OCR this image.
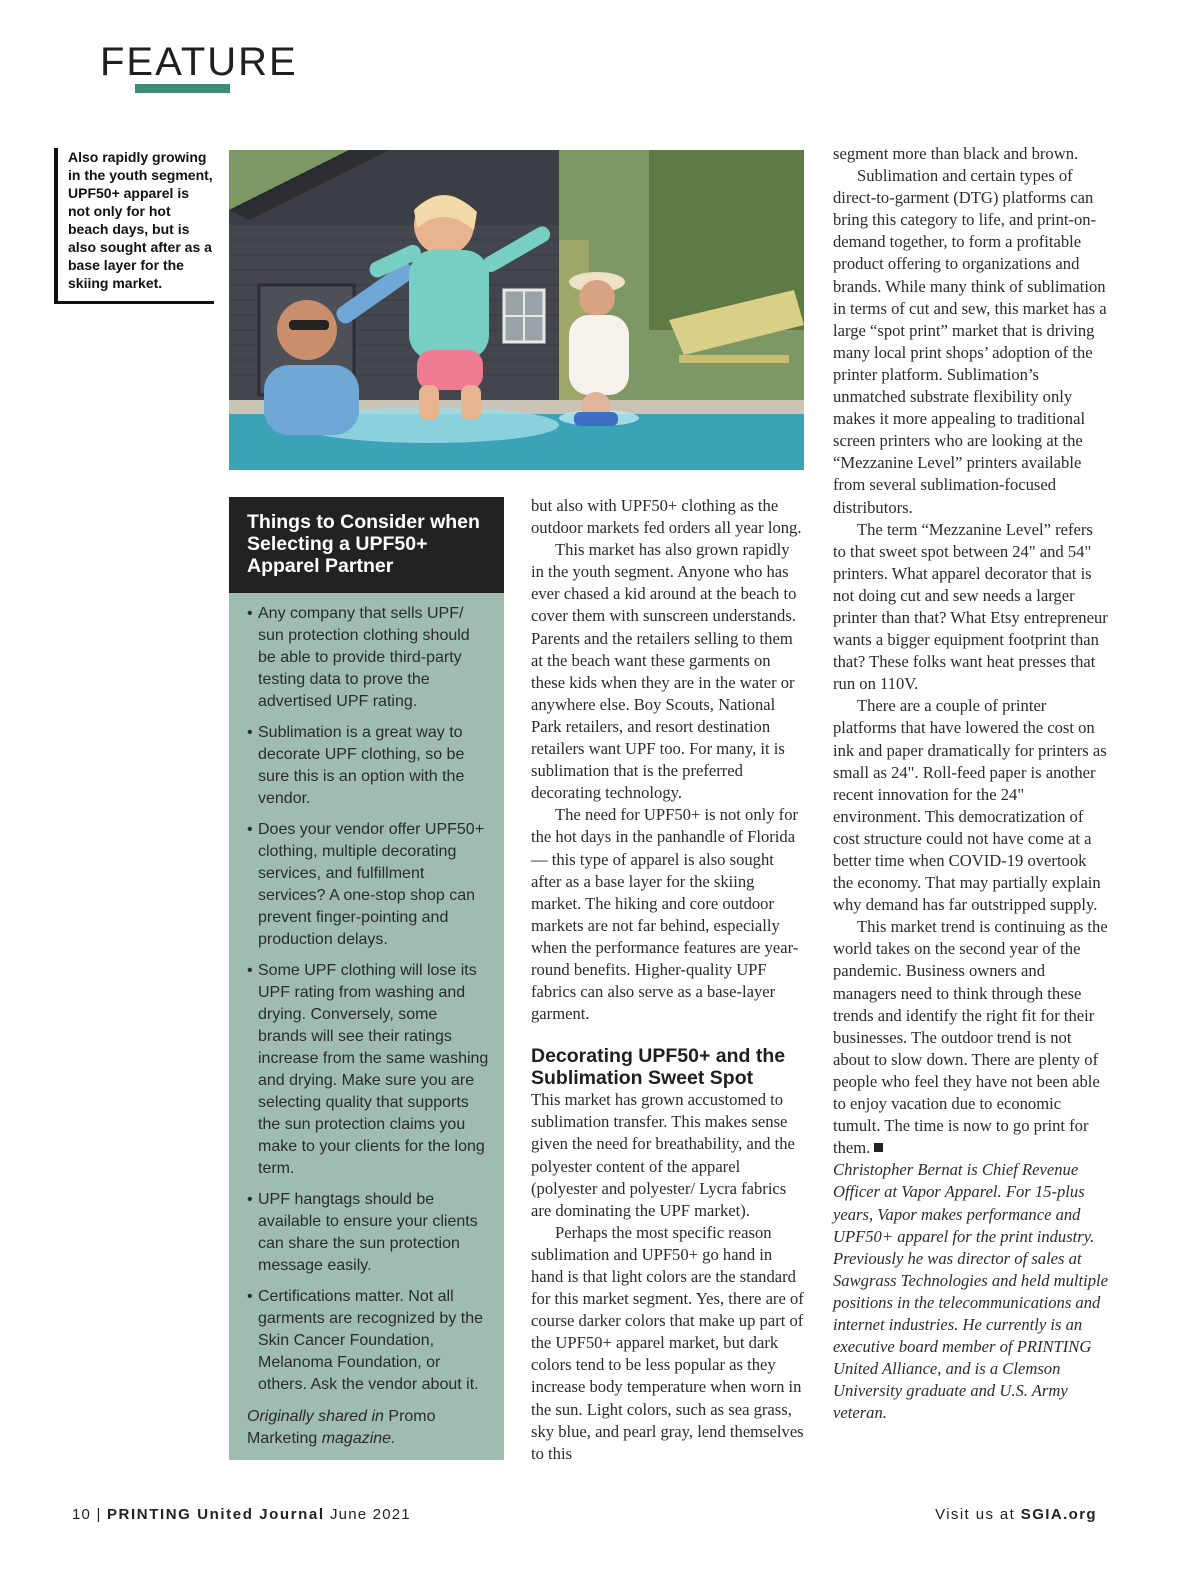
FEATURE
Also rapidly growing in the youth segment, UPF50+ apparel is not only for hot beach days, but is also sought after as a base layer for the skiing market.
Things to Consider when Selecting a UPF50+ Apparel Partner
• Any company that sells UPF/ sun protection clothing should be able to provide third-party testing data to prove the advertised UPF rating.
• Sublimation is a great way to decorate UPF clothing, so be sure this is an option with the vendor.
• Does your vendor offer UPF50+ clothing, multiple decorating services, and fulfillment services? A one-stop shop can prevent finger-pointing and production delays.
• Some UPF clothing will lose its UPF rating from washing and drying. Conversely, some brands will see their ratings increase from the same washing and drying. Make sure you are selecting quality that supports the sun protection claims you make to your clients for the long term.
• UPF hangtags should be available to ensure your clients can share the sun protection message easily.
• Certifications matter. Not all garments are recognized by the Skin Cancer Foundation, Melanoma Foundation, or others. Ask the vendor about it.
Originally shared in Promo Marketing magazine.

but also with UPF50+ clothing as the outdoor markets fed orders all year long.

This market has also grown rapidly in the youth segment. Anyone who has ever chased a kid around at the beach to cover them with sunscreen understands. Parents and the retailers selling to them at the beach want these garments on these kids when they are in the water or anywhere else. Boy Scouts, National Park retailers, and resort destination retailers want UPF too. For many, it is sublimation that is the preferred decorating technology.

The need for UPF50+ is not only for the hot days in the panhandle of Florida — this type of apparel is also sought after as a base layer for the skiing market. The hiking and core outdoor markets are not far behind, especially when the performance features are year-round benefits. Higher-quality UPF fabrics can also serve as a base-layer garment.

Decorating UPF50+ and the Sublimation Sweet Spot

This market has grown accustomed to sublimation transfer. This makes sense given the need for breathability, and the polyester content of the apparel (polyester and polyester/ Lycra fabrics are dominating the UPF market).

Perhaps the most specific reason sublimation and UPF50+ go hand in hand is that light colors are the standard for this market segment. Yes, there are of course darker colors that make up part of the UPF50+ apparel market, but dark colors tend to be less popular as they increase body temperature when worn in the sun. Light colors, such as sea grass, sky blue, and pearl gray, lend themselves to this

segment more than black and brown.

Sublimation and certain types of direct-to-garment (DTG) platforms can bring this category to life, and print-on-demand together, to form a profitable product offering to organizations and brands. While many think of sublimation in terms of cut and sew, this market has a large “spot print” market that is driving many local print shops’ adoption of the printer platform. Sublimation’s unmatched substrate flexibility only makes it more appealing to traditional screen printers who are looking at the “Mezzanine Level” printers available from several sublimation-focused distributors.

The term “Mezzanine Level” refers to that sweet spot between 24" and 54" printers. What apparel decorator that is not doing cut and sew needs a larger printer than that? What Etsy entrepreneur wants a bigger equipment footprint than that? These folks want heat presses that run on 110V.

There are a couple of printer platforms that have lowered the cost on ink and paper dramatically for printers as small as 24". Roll-feed paper is another recent innovation for the 24" environment. This democratization of cost structure could not have come at a better time when COVID-19 overtook the economy. That may partially explain why demand has far outstripped supply.

This market trend is continuing as the world takes on the second year of the pandemic. Business owners and managers need to think through these trends and identify the right fit for their businesses. The outdoor trend is not about to slow down. There are plenty of people who feel they have not been able to enjoy vacation due to economic tumult. The time is now to go print for them.

Christopher Bernat is Chief Revenue Officer at Vapor Apparel. For 15-plus years, Vapor makes performance and UPF50+ apparel for the print industry. Previously he was director of sales at Sawgrass Technologies and held multiple positions in the telecommunications and internet industries. He currently is an executive board member of PRINTING United Alliance, and is a Clemson University graduate and U.S. Army veteran.

10 | PRINTING United Journal June 2021	Visit us at SGIA.org
